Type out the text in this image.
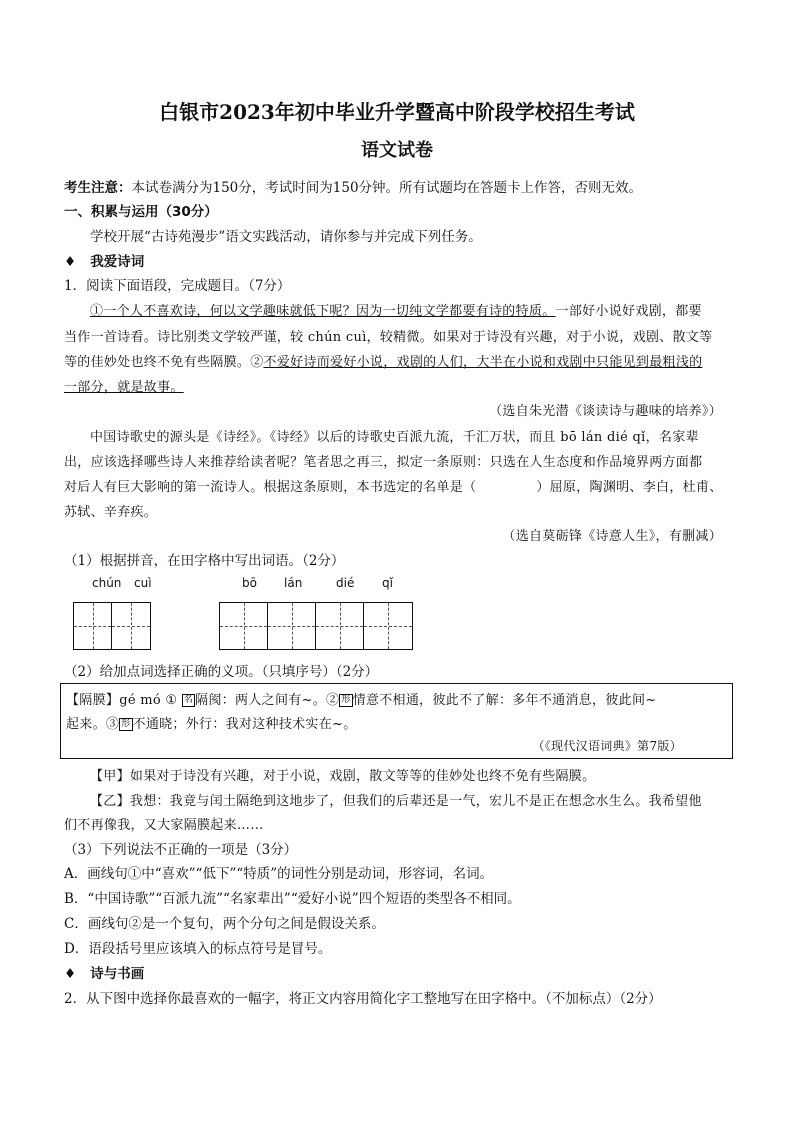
白银市2023年初中毕业升学暨高中阶段学校招生考试
语文试卷
考生注意：本试卷满分为150分，考试时间为150分钟。所有试题均在答题卡上作答，否则无效。
一、积累与运用（30分）
学校开展“古诗苑漫步”语文实践活动，请你参与并完成下列任务。
♦ 我爱诗词
1．阅读下面语段，完成题目。（7分）
①一个人不喜欢诗，何以文学趣味就低下呢？因为一切纯文学都要有诗的特质。一部好小说好戏剧，都要
当作一首诗看。诗比别类文学较严谨，较 chún cuì，较精微。如果对于诗没有兴趣，对于小说，戏剧、散文等
等的佳妙处也终不免有些隔膜。②不爱好诗而爱好小说，戏剧的人们，大半在小说和戏剧中只能见到最粗浅的
一部分，就是故事。
（选自朱光潜《谈读诗与趣味的培养》）
中国诗歌史的源头是《诗经》。《诗经》以后的诗歌史百派九流，千汇万状，而且 bō lán dié qǐ，名家辈
出，应该选择哪些诗人来推荐给读者呢？笔者思之再三，拟定一条原则：只选在人生态度和作品境界两方面都
对后人有巨大影响的第一流诗人。根据这条原则，本书选定的名单是（	）屈原，陶渊明、李白，杜甫、
苏轼、辛弃疾。
（选自莫砺锋《诗意人生》，有删减）
（1）根据拼音，在田字格中写出词语。（2分）
chún cuì	bō lán	dié qǐ
（2）给加点词选择正确的义项。（只填序号）（2分）
【隔膜】gé mó ① 名 隔阂：两人之间有~。② 形 情意不相通，彼此不了解：多年不通消息，彼此间~
起来。③ 形 不通晓；外行：我对这种技术实在~。
（《现代汉语词典》第7版）
【甲】如果对于诗没有兴趣，对于小说，戏剧，散文等等的佳妙处也终不免有些隔膜。
【乙】我想：我竟与闰土隔绝到这地步了，但我们的后辈还是一气，宏儿不是正在想念水生么。我希望他
们不再像我，又大家隔膜起来……
（3）下列说法不正确的一项是（3分）
A．画线句①中“喜欢”“低下”“特质”的词性分别是动词，形容词，名词。
B．“中国诗歌”“百派九流”“名家辈出”“爱好小说”四个短语的类型各不相同。
C．画线句②是一个复句，两个分句之间是假设关系。
D．语段括号里应该填入的标点符号是冒号。
♦ 诗与书画
2．从下图中选择你最喜欢的一幅字，将正文内容用简化字工整地写在田字格中。（不加标点）（2分）
